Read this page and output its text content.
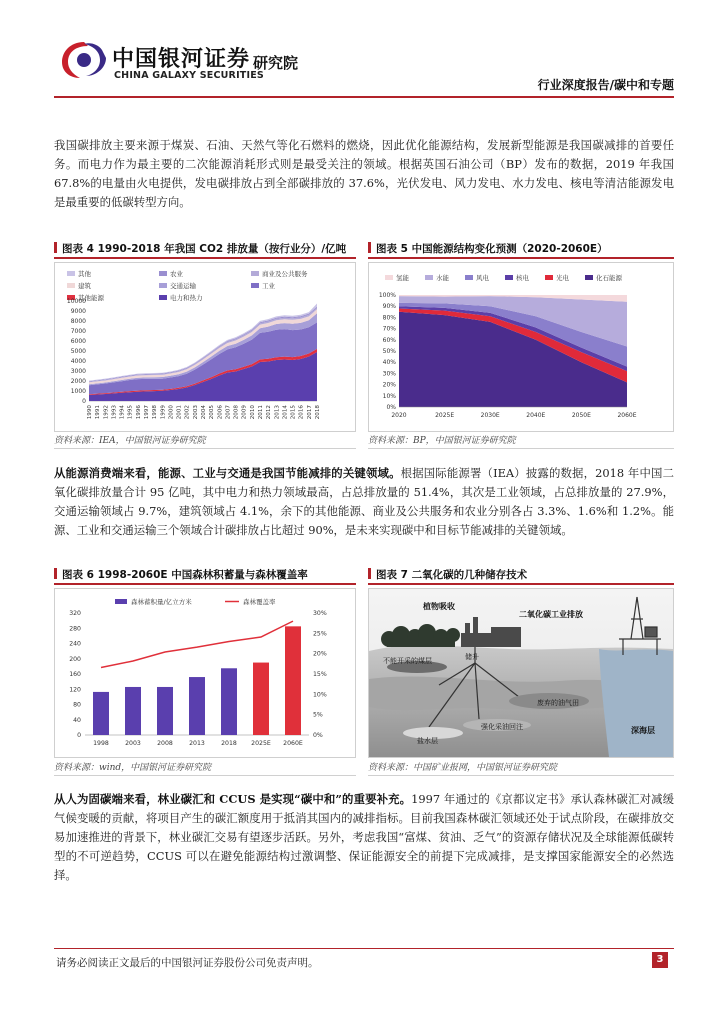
中国银河证券
CHINA GALAXY SECURITIES
研究院
行业深度报告/碳中和专题
我国碳排放主要来源于煤炭、石油、天然气等化石燃料的燃烧，因此优化能源结构，发展新型能源是我国碳减排的首要任务。而电力作为最主要的二次能源消耗形式则是最受关注的领域。根据英国石油公司（BP）发布的数据，2019 年我国 67.8%的电量由火电提供，发电碳排放占到全部碳排放的 37.6%，光伏发电、风力发电、水力发电、核电等清洁能源发电是最重要的低碳转型方向。
图表 4 1990-2018 年我国 CO2 排放量（按行业分）/亿吨
其他	农业	商业及公共服务
建筑	交通运输	工业
其他能源	电力和热力
0
1000
2000
3000
4000
5000
6000
7000
8000
9000
10000
1990 1991 1992 1993 1994 1995 1996 1997 1998 1999 2000 2001 2002 2003 2004 2005 2006 2007 2008 2009 2010 2011 2012 2013 2014 2015 2016 2017 2018
资料来源：IEA，中国银河证券研究院
图表 5 中国能源结构变化预测（2020-2060E）
氢能	水能	风电	核电	光电	化石能源
0%
10%
20%
30%
40%
50%
60%
70%
80%
90%
100%
2020	2025E	2030E	2040E	2050E	2060E
资料来源：BP，中国银河证券研究院
从能源消费端来看，能源、工业与交通是我国节能减排的关键领域。根据国际能源署（IEA）披露的数据，2018 年中国二氧化碳排放量合计 95 亿吨，其中电力和热力领域最高，占总排放量的 51.4%，其次是工业领域，占总排放量的 27.9%，交通运输领域占 9.7%，建筑领域占 4.1%，余下的其他能源、商业及公共服务和农业分别各占 3.3%、1.6%和 1.2%。能源、工业和交通运输三个领域合计碳排放占比超过 90%，是未来实现碳中和目标节能减排的关键领域。
图表 6 1998-2060E 中国森林积蓄量与森林覆盖率
森林蓄积量/亿立方米	森林覆盖率
0
40
80
120
160
200
240
280
320
0%
5%
10%
15%
20%
25%
30%
1998	2003	2008	2013	2018 2025E 2060E
资料来源：wind，中国银河证券研究院
图表 7 二氧化碳的几种储存技术
植物吸收
二氧化碳工业排放
不能开采的煤层	储升
废弃的油气田
强化采油回注
盐水层
深海层
资料来源：中国矿业报网，中国银河证券研究院
从人为固碳端来看，林业碳汇和 CCUS 是实现“碳中和”的重要补充。1997 年通过的《京都议定书》承认森林碳汇对减缓气候变暖的贡献，将项目产生的碳汇额度用于抵消其国内的减排指标。目前我国森林碳汇领域还处于试点阶段，在碳排放交易加速推进的背景下，林业碳汇交易有望逐步活跃。另外，考虑我国“富煤、贫油、乏气”的资源存储状况及全球能源低碳转型的不可逆趋势，CCUS 可以在避免能源结构过激调整、保证能源安全的前提下完成减排，是支撑国家能源安全的必然选择。
请务必阅读正文最后的中国银河证券股份公司免责声明。	3
